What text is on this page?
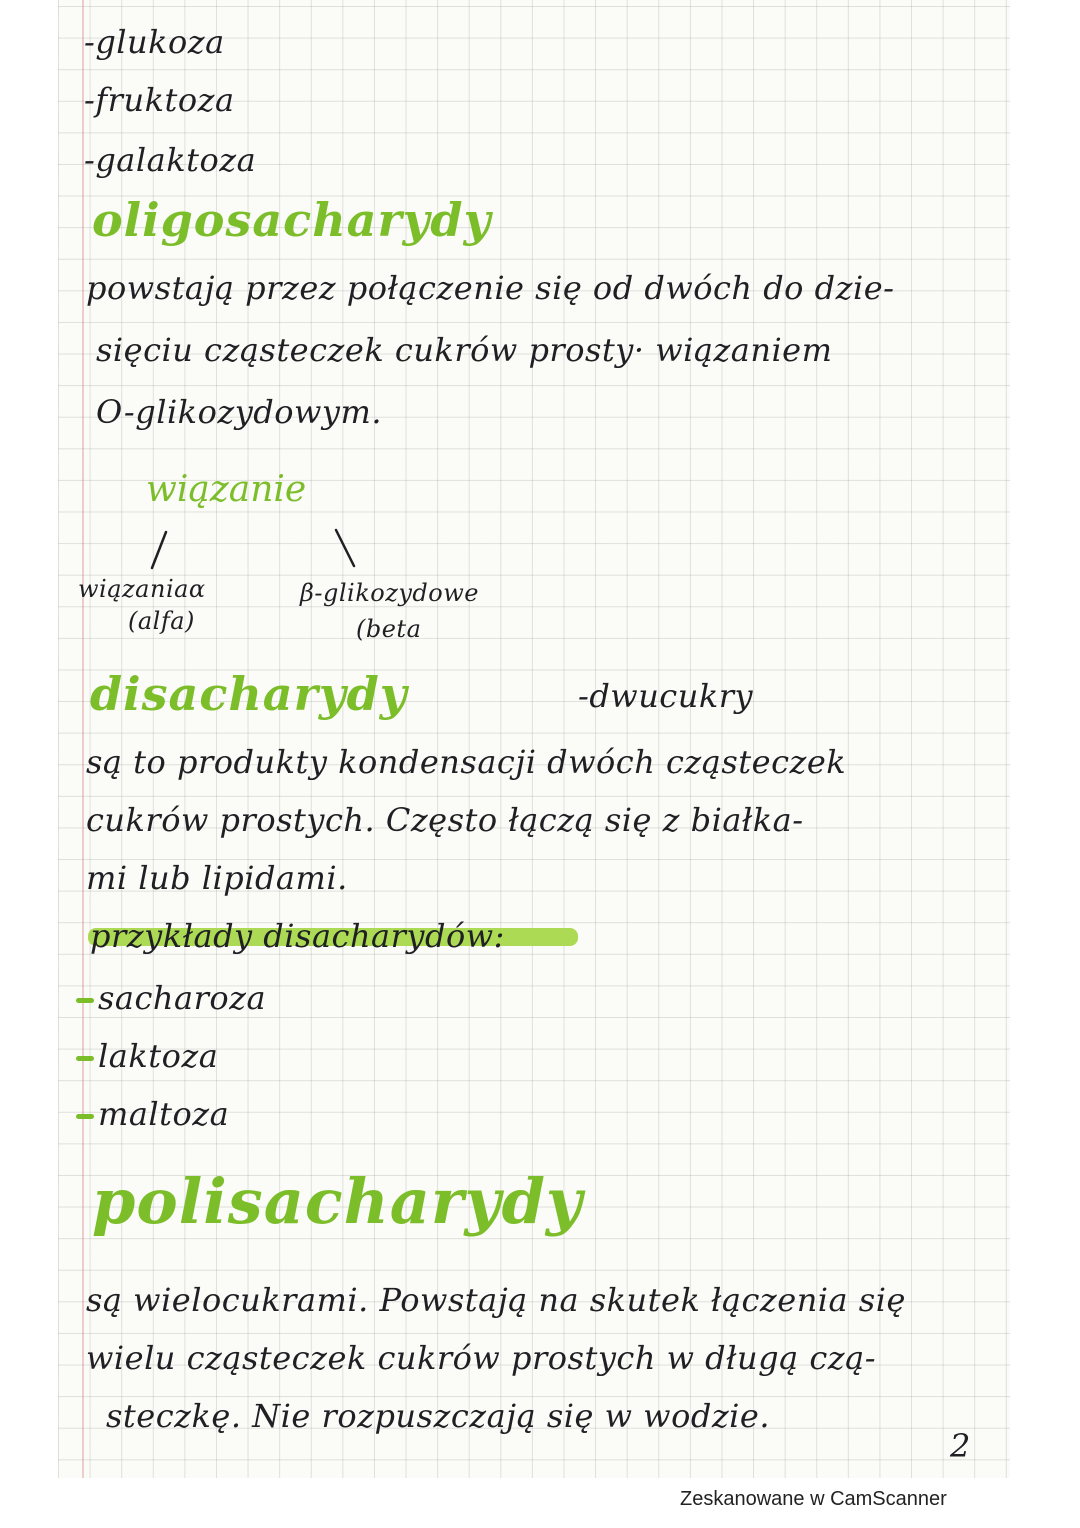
-glukoza
-fruktoza
-galaktoza
oligosacharydy
powstają przez połączenie się od dwóch do dzie-
sięciu cząsteczek cukrów prosty· wiązaniem
O-glikozydowym.
wiązanie
wiązaniaα
(alfa)
β-glikozydowe
(beta
disacharydy	-dwucukry
są to produkty kondensacji dwóch cząsteczek
cukrów prostych. Często łączą się z białka-
mi lub lipidami.
przykłady disacharydów:
sacharoza
laktoza
maltoza
polisacharydy
są wielocukrami. Powstają na skutek łączenia się
wielu cząsteczek cukrów prostych w długą czą-
steczkę. Nie rozpuszczają się w wodzie.
2
Zeskanowane w CamScanner
